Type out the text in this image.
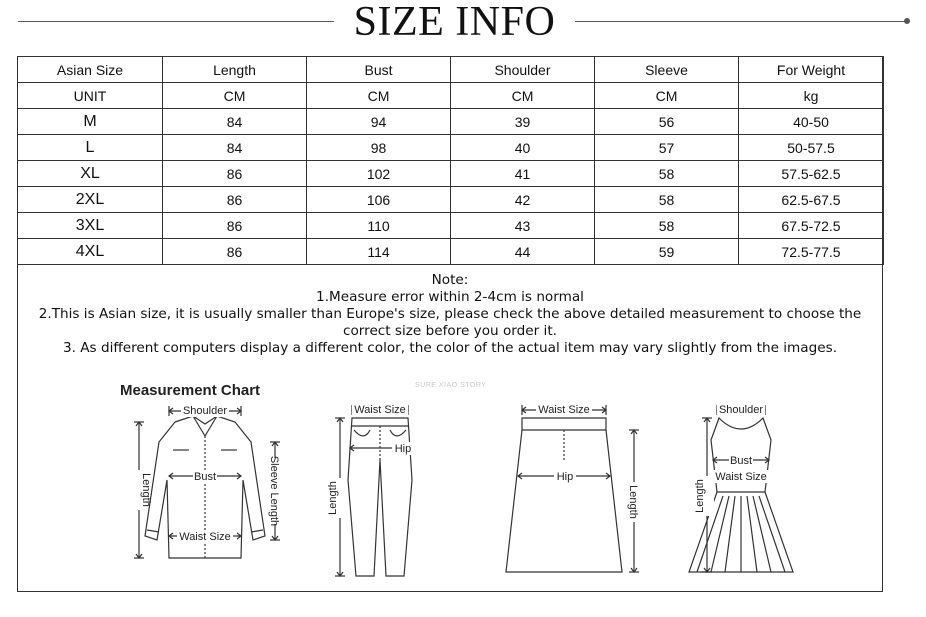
SIZE INFO
Asian Size	Length	Bust	Shoulder	Sleeve	For Weight
UNIT	CM	CM	CM	CM	kg
M	84	94	39	56	40-50
L	84	98	40	57	50-57.5
XL	86	102	41	58	57.5-62.5
2XL	86	106	42	58	62.5-67.5
3XL	86	110	43	58	67.5-72.5
4XL	86	114	44	59	72.5-77.5
Note:
1.Measure error within 2-4cm is normal
2.This is Asian size, it is usually smaller than Europe's size, please check the above detailed measurement to choose the correct size before you order it.
3. As different computers display a different color, the color of the actual item may vary slightly from the images.
Measurement Chart	SURE XIAO STORY
Shoulder
Bust
Waist Size
Length	Sleeve Length
Waist Size
Hip
Length
Waist Size
Hip
Length
Shoulder
Bust
Waist Size
Length
